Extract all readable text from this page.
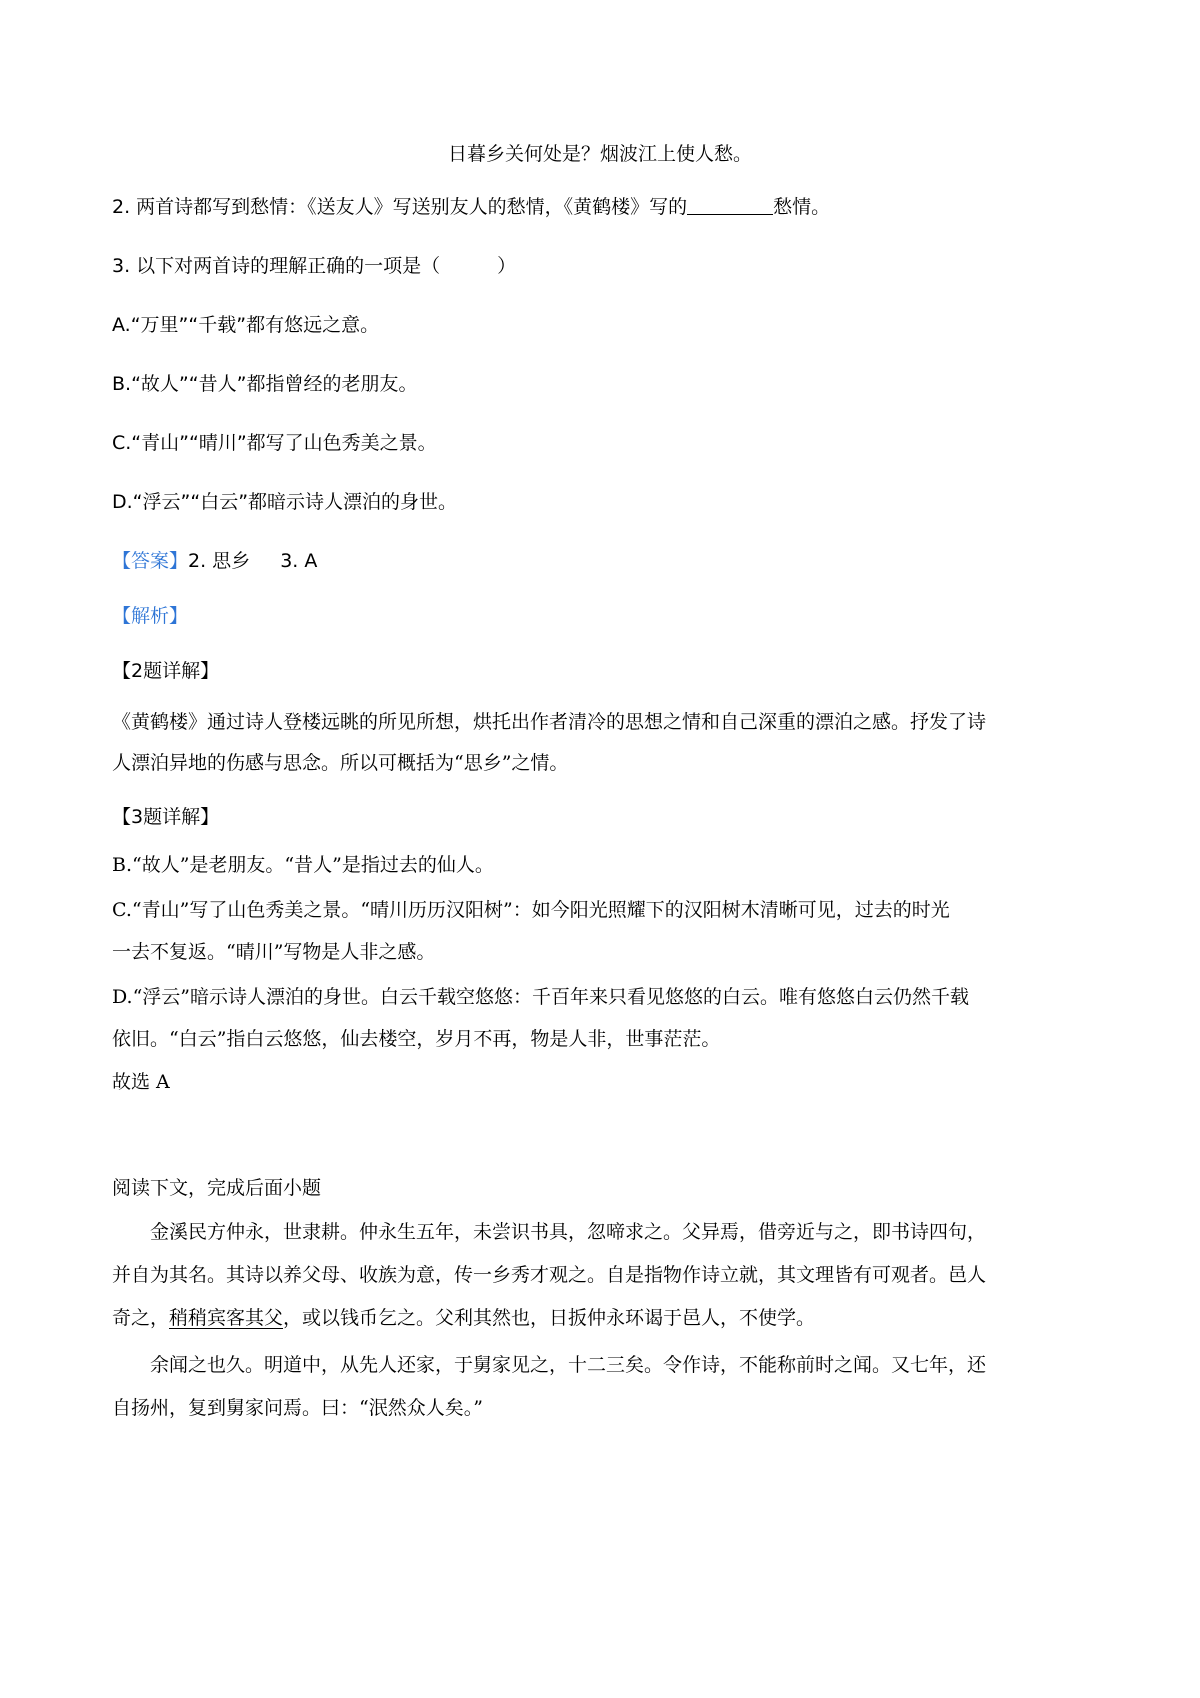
日暮乡关何处是？烟波江上使人愁。
2. 两首诗都写到愁情：《送友人》写送别友人的愁情，《黄鹤楼》写的	愁情。
3. 以下对两首诗的理解正确的一项是（　　　）
A.“万里”“千载”都有悠远之意。
B.“故人”“昔人”都指曾经的老朋友。
C.“青山”“晴川”都写了山色秀美之景。
D.“浮云”“白云”都暗示诗人漂泊的身世。
【答案】2. 思乡 3. A
【解析】
【2题详解】
《黄鹤楼》通过诗人登楼远眺的所见所想，烘托出作者清冷的思想之情和自己深重的漂泊之感。抒发了诗
人漂泊异地的伤感与思念。所以可概括为“思乡”之情。
【3题详解】
B.“故人”是老朋友。“昔人”是指过去的仙人。
C.“青山”写了山色秀美之景。“晴川历历汉阳树”：如今阳光照耀下的汉阳树木清晰可见，过去的时光
一去不复返。“晴川”写物是人非之感。
D.“浮云”暗示诗人漂泊的身世。白云千载空悠悠：千百年来只看见悠悠的白云。唯有悠悠白云仍然千载
依旧。“白云”指白云悠悠，仙去楼空，岁月不再，物是人非，世事茫茫。
故选 A
阅读下文，完成后面小题
金溪民方仲永，世隶耕。仲永生五年，未尝识书具，忽啼求之。父异焉，借旁近与之，即书诗四句，
并自为其名。其诗以养父母、收族为意，传一乡秀才观之。自是指物作诗立就，其文理皆有可观者。邑人
奇之，稍稍宾客其父，或以钱币乞之。父利其然也，日扳仲永环谒于邑人，不使学。
余闻之也久。明道中，从先人还家，于舅家见之，十二三矣。令作诗，不能称前时之闻。又七年，还
自扬州，复到舅家问焉。曰：“泯然众人矣。”
